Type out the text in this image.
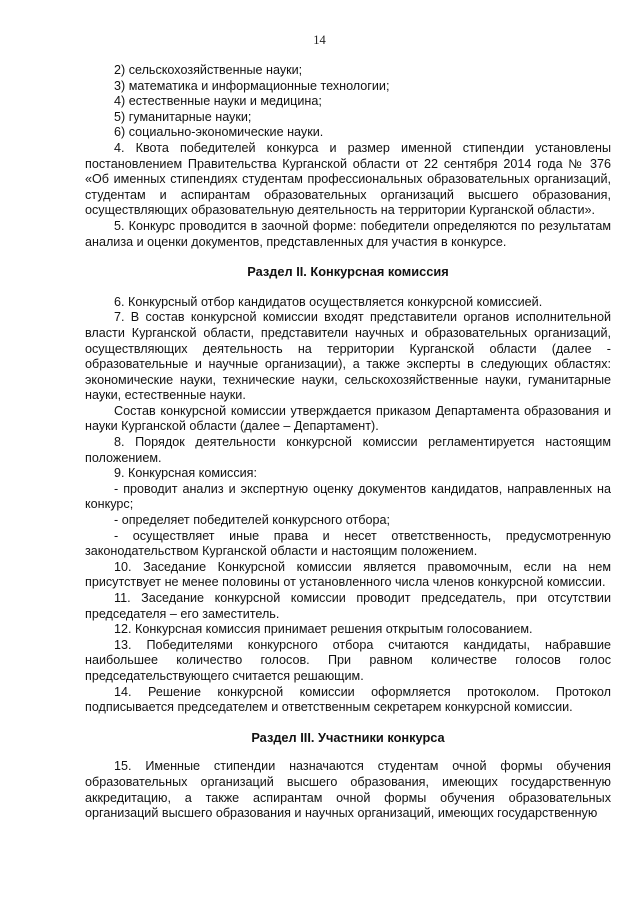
14

2) сельскохозяйственные науки;

3) математика и информационные технологии;

4) естественные науки и медицина;

5) гуманитарные науки;

6) социально-экономические науки.

4. Квота победителей конкурса и размер именной стипендии установлены постановлением Правительства Курганской области от 22 сентября 2014 года № 376 «Об именных стипендиях студентам профессиональных образовательных организаций, студентам и аспирантам образовательных организаций высшего образования, осуществляющих образовательную деятельность на территории Курганской области».

5. Конкурс проводится в заочной форме: победители определяются по результатам анализа и оценки документов, представленных для участия в конкурсе.

Раздел II. Конкурсная комиссия

6. Конкурсный отбор кандидатов осуществляется конкурсной комиссией.

7. В состав конкурсной комиссии входят представители органов исполнительной власти Курганской области, представители научных и образовательных организаций, осуществляющих деятельность на территории Курганской области (далее - образовательные и научные организации), а также эксперты в следующих областях: экономические науки, технические науки, сельскохозяйственные науки, гуманитарные науки, естественные науки.

Состав конкурсной комиссии утверждается приказом Департамента образования и науки Курганской области (далее – Департамент).

8. Порядок деятельности конкурсной комиссии регламентируется настоящим положением.

9. Конкурсная комиссия:

- проводит анализ и экспертную оценку документов кандидатов, направленных на конкурс;

- определяет победителей конкурсного отбора;

- осуществляет иные права и несет ответственность, предусмотренную законодательством Курганской области и настоящим положением.

10. Заседание Конкурсной комиссии является правомочным, если на нем присутствует не менее половины от установленного числа членов конкурсной комиссии.

11. Заседание конкурсной комиссии проводит председатель, при отсутствии председателя – его заместитель.

12. Конкурсная комиссия принимает решения открытым голосованием.

13. Победителями конкурсного отбора считаются кандидаты, набравшие наибольшее количество голосов. При равном количестве голосов голос председательствующего считается решающим.

14. Решение конкурсной комиссии оформляется протоколом. Протокол подписывается председателем и ответственным секретарем конкурсной комиссии.

Раздел III. Участники конкурса

15. Именные стипендии назначаются студентам очной формы обучения образовательных организаций высшего образования, имеющих государственную аккредитацию, а также аспирантам очной формы обучения образовательных организаций высшего образования и научных организаций, имеющих государственную
